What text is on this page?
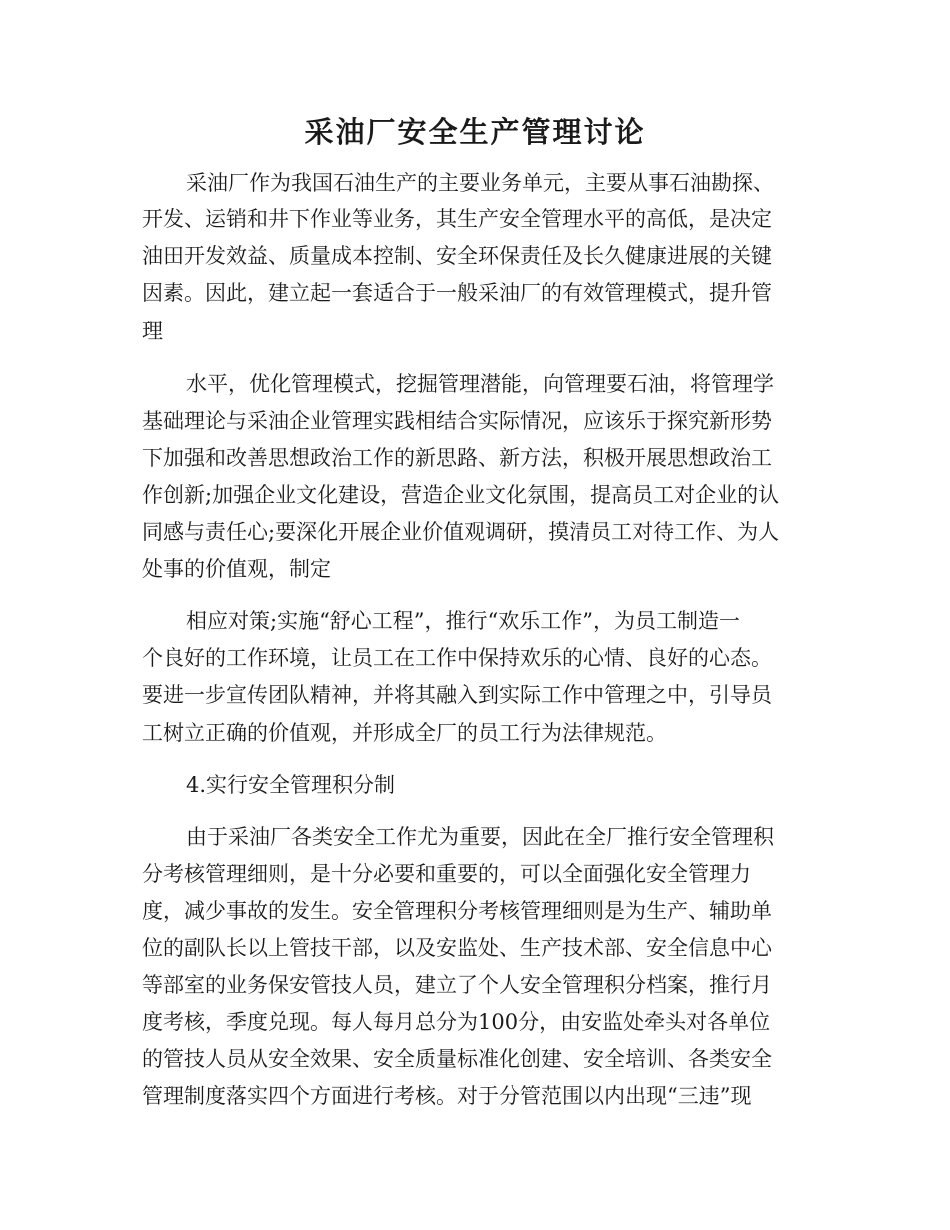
采油厂安全生产管理讨论

采油厂作为我国石油生产的主要业务单元，主要从事石油勘探、

开发、运销和井下作业等业务，其生产安全管理水平的高低，是决定

油田开发效益、质量成本控制、安全环保责任及长久健康进展的关键

因素。因此，建立起一套适合于一般采油厂的有效管理模式，提升管

理

水平，优化管理模式，挖掘管理潜能，向管理要石油，将管理学

基础理论与采油企业管理实践相结合实际情况，应该乐于探究新形势

下加强和改善思想政治工作的新思路、新方法，积极开展思想政治工

作创新;加强企业文化建设，营造企业文化氛围，提高员工对企业的认

同感与责任心;要深化开展企业价值观调研，摸清员工对待工作、为人

处事的价值观，制定

相应对策;实施“舒心工程”，推行“欢乐工作”，为员工制造一

个良好的工作环境，让员工在工作中保持欢乐的心情、良好的心态。

要进一步宣传团队精神，并将其融入到实际工作中管理之中，引导员

工树立正确的价值观，并形成全厂的员工行为法律规范。

4.实行安全管理积分制

由于采油厂各类安全工作尤为重要，因此在全厂推行安全管理积

分考核管理细则，是十分必要和重要的，可以全面强化安全管理力

度，减少事故的发生。安全管理积分考核管理细则是为生产、辅助单

位的副队长以上管技干部，以及安监处、生产技术部、安全信息中心

等部室的业务保安管技人员，建立了个人安全管理积分档案，推行月

度考核，季度兑现。每人每月总分为100分，由安监处牵头对各单位

的管技人员从安全效果、安全质量标准化创建、安全培训、各类安全

管理制度落实四个方面进行考核。对于分管范围以内出现“三违”现
